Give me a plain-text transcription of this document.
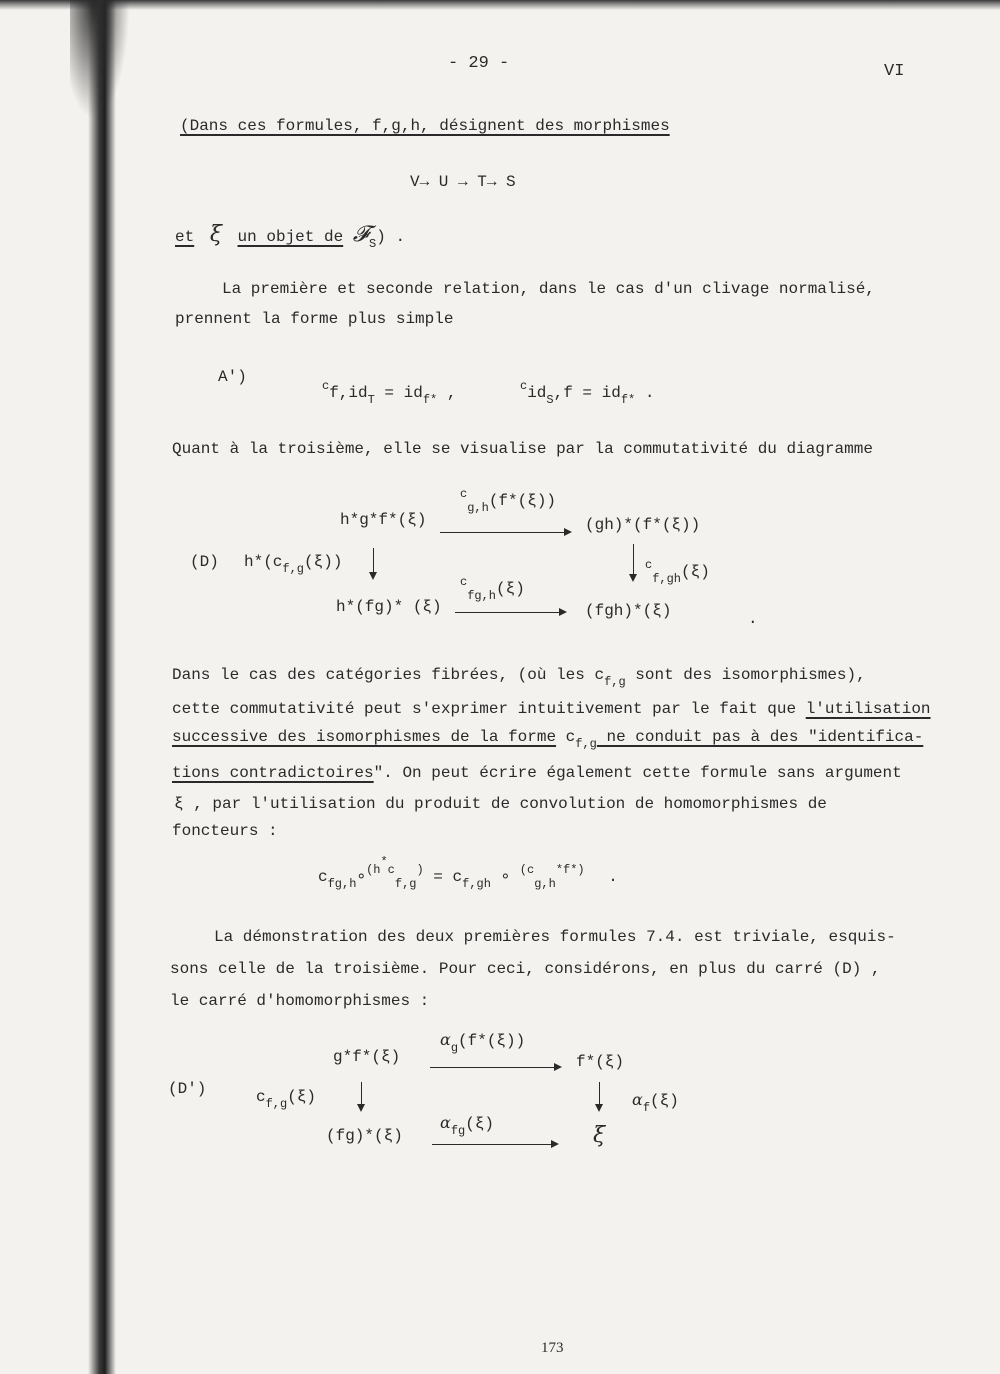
- 29 -	VI
(Dans ces formules, f,g,h, désignent des morphismes
V→ U → T→ S
et ξ un objet de 𝓕$_S$) .
La première et seconde relation, dans le cas d'un clivage normalisé,
prennent la forme plus simple
A')	$^cf,id_T = id_{f*}$ ,	$^cid_S,f = id_{f*}$ .
Quant à la troisième, elle se visualise par la commutativité du diagramme
(D)
h*g*f*(ξ)
$^c_{g,h}$(f*(ξ))
(gh)*(f*(ξ))
$h*(c_{f,g}(\xi))$	$^c_{f,gh}$(ξ)
h*(fg)* (ξ)
$^c_{fg,h}$(ξ)
(fgh)*(ξ)	.
Dans le cas des catégories fibrées, (où les $c_{f,g}$ sont des isomorphismes),
cette commutativité peut s'exprimer intuitivement par le fait que l'utilisation
successive des isomorphismes de la forme $c_{f,g}$ ne conduit pas à des "identifica-
tions contradictoires". On peut écrire également cette formule sans argument
ξ , par l'utilisation du produit de convolution de homomorphismes de
foncteurs :
$c_{fg,h}\circ^{(h*c}_{f,g}^) = c_{f,gh}$ ∘ $^{(c}_{g,h}^{*f*)}$ .
La démonstration des deux premières formules 7.4. est triviale, esquis-
sons celle de la troisième. Pour ceci, considérons, en plus du carré (D) ,
le carré d'homomorphismes :
(D')
g*f*(ξ)
$\alpha_g(f*(\xi))$
f*(ξ)
$c_{f,g}(\xi)$	$\alpha_f(\xi)$
(fg)*(ξ)
$\alpha_{fg}(\xi)$	ξ
173
